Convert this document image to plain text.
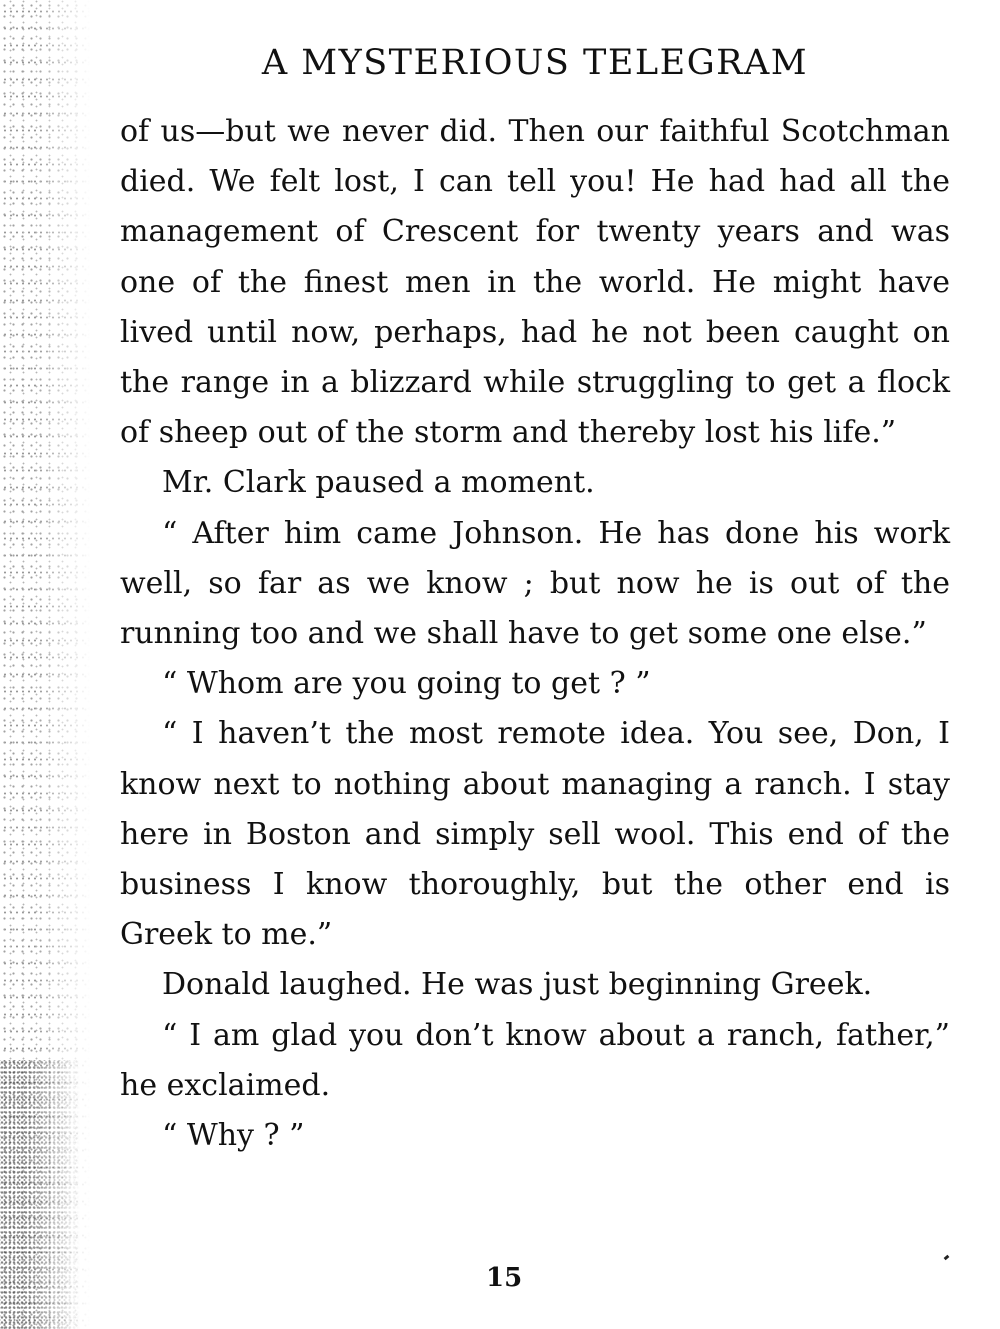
A MYSTERIOUS TELEGRAM

of us—but we never did. Then our faithful Scotchman died. We felt lost, I can tell you! He had had all the management of Crescent for twenty years and was one of the finest men in the world. He might have lived until now, perhaps, had he not been caught on the range in a blizzard while struggling to get a flock of sheep out of the storm and thereby lost his life.”

Mr. Clark paused a moment.

“ After him came Johnson. He has done his work well, so far as we know ; but now he is out of the running too and we shall have to get some one else.”

“ Whom are you going to get ? ”

“ I haven’t the most remote idea. You see, Don, I know next to nothing about managing a ranch. I stay here in Boston and simply sell wool. This end of the business I know thoroughly, but the other end is Greek to me.”

Donald laughed. He was just beginning Greek.

“ I am glad you don’t know about a ranch, father,” he exclaimed.

“ Why ? ”

15
